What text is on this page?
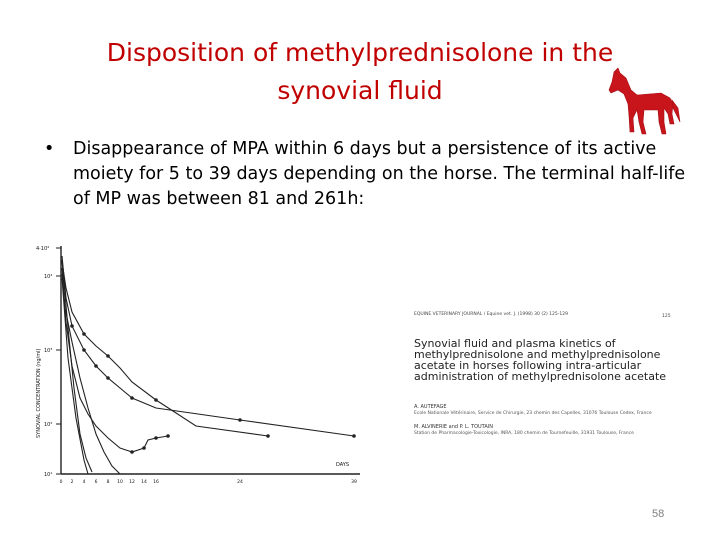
Disposition of methylprednisolone in the synovial fluid
• Disappearance of MPA within 6 days but a persistence of its active moiety for 5 to 39 days depending on the horse. The terminal half-life of MP was between 81 and 261h:
4·10⁴
10⁴
10³
10²
10¹
SYNOVIAL CONCENTRATION (ng/ml)
0 2 4 6 8 10 12 14 16	24	39
DAYS
EQUINE VETERINARY JOURNAL / Equine vet. J. (1998) 30 (2) 125-129	125
Synovial fluid and plasma kinetics of methylprednisolone and methylprednisolone acetate in horses following intra-articular administration of methylprednisolone acetate
A. AUTEFAGE
Ecole Nationale Vétérinaire, Service de Chirurgie, 23 chemin des Capelles, 31076 Toulouse Cedex, France
M. ALVINERIE and P. L. TOUTAIN
Station de Pharmacologie-Toxicologie, INRA, 180 chemin de Tournefeuille, 31931 Toulouse, France
58
